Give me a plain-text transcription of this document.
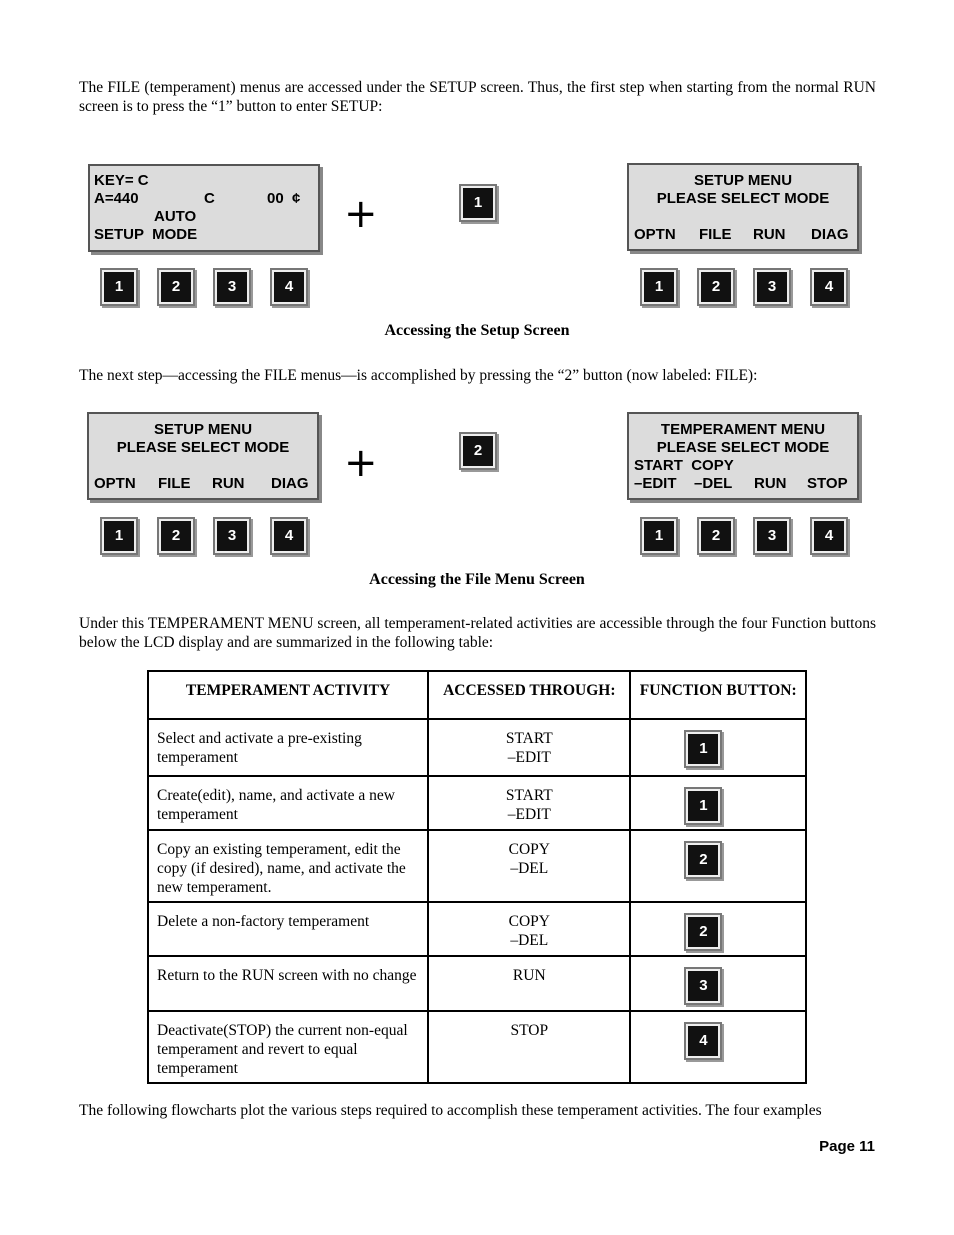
The FILE (temperament) menus are accessed under the SETUP screen. Thus, the first step when starting from the normal RUN screen is to press the “1” button to enter SETUP:
KEY= C
A=440	C	00  ¢
AUTO
SETUP  MODE
1	2	3	4
+	1
SETUP MENU
PLEASE SELECT MODE
OPTN FILE RUN DIAG
1	2	3	4
Accessing the Setup Screen
The next step—accessing the FILE menus—is accomplished by pressing the “2” button (now labeled: FILE):
SETUP MENU
PLEASE SELECT MODE
OPTN FILE RUN DIAG
1	2	3	4
+	2
TEMPERAMENT MENU
PLEASE SELECT MODE
START  COPY
–EDIT –DEL RUN STOP
1	2	3	4
Accessing the File Menu Screen
Under this TEMPERAMENT MENU screen, all temperament-related activities are accessible through the four Function buttons below the LCD display and are summarized in the following table:
TEMPERAMENT ACTIVITY	ACCESSED THROUGH:	FUNCTION BUTTON:
Select and activate a pre-existing temperament	START
–EDIT	1

Create(edit), name, and activate a new temperament	START
–EDIT	1

Copy an existing temperament, edit the copy (if desired), name, and activate the new temperament.	COPY
–DEL	2

Delete a non-factory temperament	COPY
–DEL	2

Return to the RUN screen with no change	RUN	3

Deactivate(STOP) the current non-equal temperament and revert to equal temperament	STOP	4
The following flowcharts plot the various steps required to accomplish these temperament activities. The four examples
Page 11
